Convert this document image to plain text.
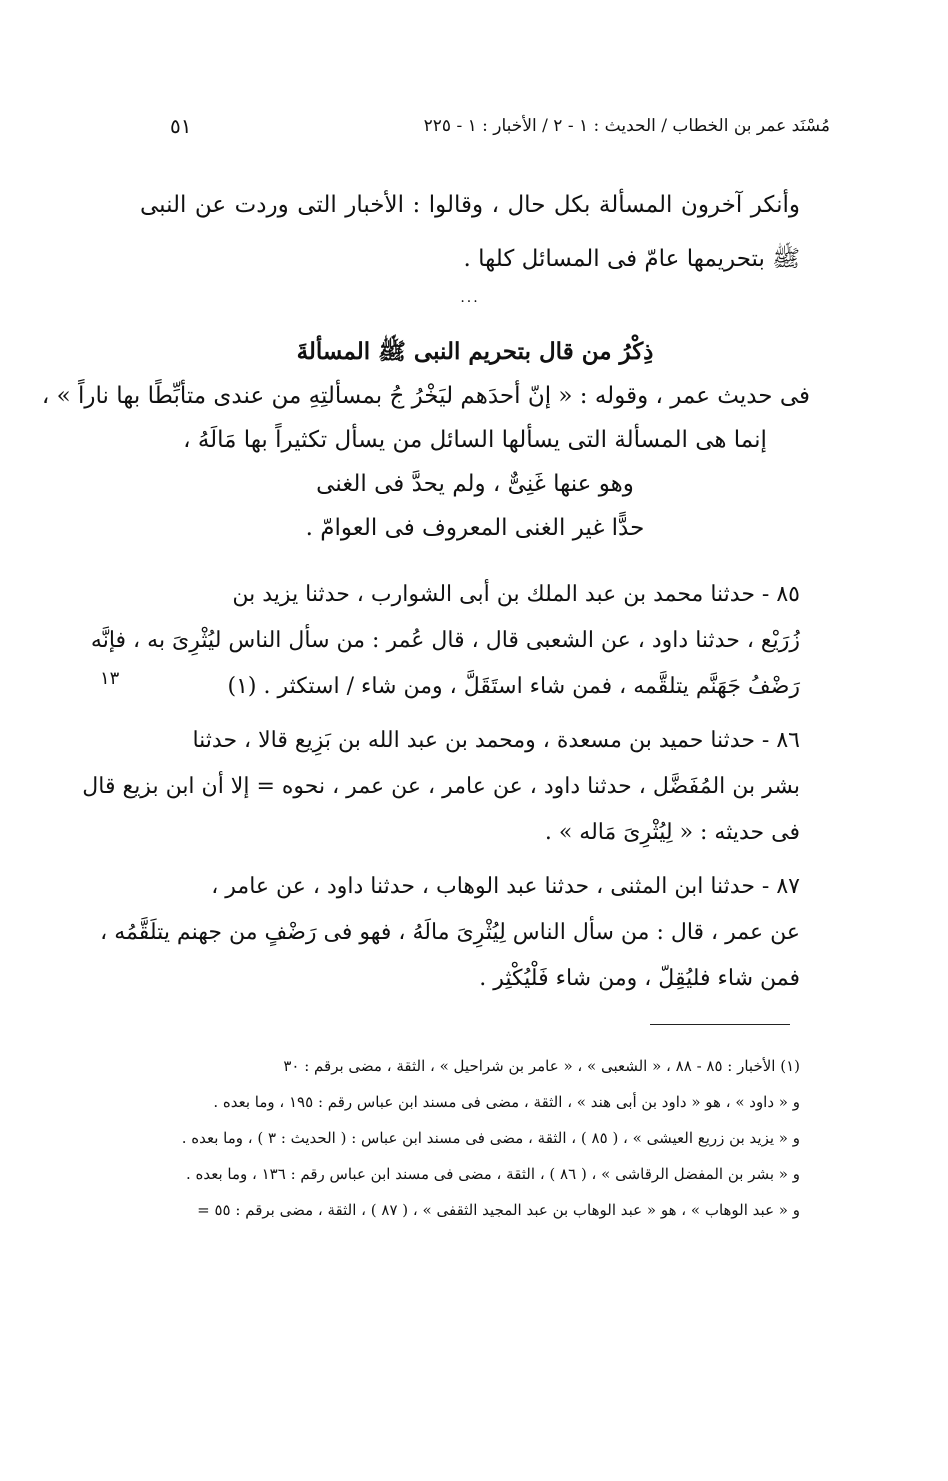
مُسْنَد عمر بن الخطاب / الحديث : ١ - ٢ / الأخبار : ١ - ٢٢٥
٥١
وأنكر آخرون المسألة بكل حال ، وقالوا : الأخبار التى وردت عن النبى ﷺ بتحريمها عامّ فى المسائل كلها .
...
ذِكْرُ من قال بتحريم النبى ﷺ المسألةَ
فى حديث عمر ، وقوله : « إنّ أحدَهم ليَخْرُ جُ بمسألتِهِ من عندى متأبِّطًا بها ناراً » ،
إنما هى المسألة التى يسألها السائل من يسأل تكثيراً بها مَالَهُ ،
وهو عنها غَنِىٌّ ، ولم يحدَّ فى الغنى
حدًّا غير الغنى المعروف فى العوامّ .
٨٥ - حدثنا محمد بن عبد الملك بن أبى الشوارب ، حدثنا يزيد بن
زُرَيْع ، حدثنا داود ، عن الشعبى قال ، قال عُمر : من سأل الناس ليُثْرِىَ به ، فإنَّه
رَضْفُ جَهَنَّم يتلقَّمه ، فمن شاء استَقَلَّ ، ومن شاء / استكثر . (١)
١٣
٨٦ - حدثنا حميد بن مسعدة ، ومحمد بن عبد الله بن بَزِيع قالا ، حدثنا
بشر بن المُفَضَّل ، حدثنا داود ، عن عامر ، عن عمر ، نحوه = إلا أن ابن بزيع قال
فى حديثه : « لِيُثْرِىَ مَاله » .
٨٧ - حدثنا ابن المثنى ، حدثنا عبد الوهاب ، حدثنا داود ، عن عامر ،
عن عمر ، قال : من سأل الناس لِيُثْرِىَ مالَهُ ، فهو فى رَضْفٍ من جهنم يتلَقَّمُه ،
فمن شاء فليُقِلّ ، ومن شاء فَلْيُكْثِر .
(١) الأخبار : ٨٥ - ٨٨ ، « الشعبى » ، « عامر بن شراحيل » ، الثقة ، مضى برقم : ٣٠
و « داود » ، هو « داود بن أبى هند » ، الثقة ، مضى فى مسند ابن عباس رقم : ١٩٥ ، وما بعده .
و « يزيد بن زريع العيشى » ، ( ٨٥ ) ، الثقة ، مضى فى مسند ابن عباس : ( الحديث : ٣ ) ، وما بعده .
و « بشر بن المفضل الرقاشى » ، ( ٨٦ ) ، الثقة ، مضى فى مسند ابن عباس رقم : ١٣٦ ، وما بعده .
و « عبد الوهاب » ، هو « عبد الوهاب بن عبد المجيد الثقفى » ، ( ٨٧ ) ، الثقة ، مضى برقم : ٥٥ =
